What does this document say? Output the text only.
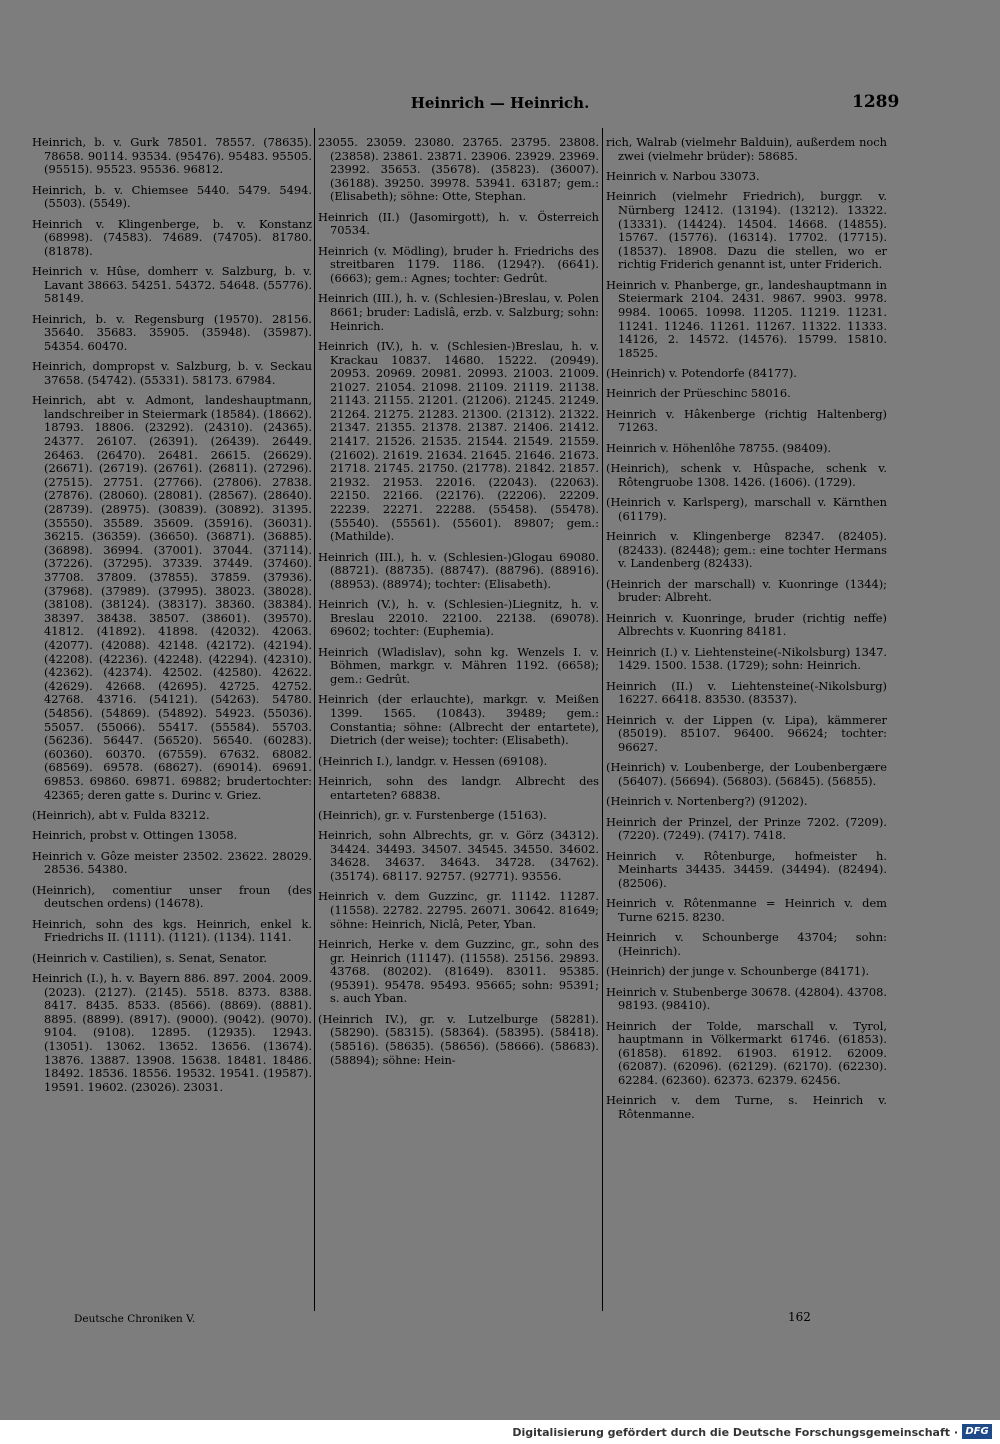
Heinrich — Heinrich.	1289

Heinrich, b. v. Gurk 78501. 78557. (78635). 78658. 90114. 93534. (95476). 95483. 95505. (95515). 95523. 95536. 96812.

Heinrich, b. v. Chiemsee 5440. 5479. 5494. (5503). (5549).

Heinrich v. Klingenberge, b. v. Konstanz (68998). (74583). 74689. (74705). 81780. (81878).

Heinrich v. Hûse, domherr v. Salzburg, b. v. Lavant 38663. 54251. 54372. 54648. (55776). 58149.

Heinrich, b. v. Regensburg (19570). 28156. 35640. 35683. 35905. (35948). (35987). 54354. 60470.

Heinrich, dompropst v. Salzburg, b. v. Seckau 37658. (54742). (55331). 58173. 67984.

Heinrich, abt v. Admont, landeshauptmann, landschreiber in Steiermark (18584). (18662). 18793. 18806. (23292). (24310). (24365). 24377. 26107. (26391). (26439). 26449. 26463. (26470). 26481. 26615. (26629). (26671). (26719). (26761). (26811). (27296). (27515). 27751. (27766). (27806). 27838. (27876). (28060). (28081). (28567). (28640). (28739). (28975). (30839). (30892). 31395. (35550). 35589. 35609. (35916). (36031). 36215. (36359). (36650). (36871). (36885). (36898). 36994. (37001). 37044. (37114). (37226). (37295). 37339. 37449. (37460). 37708. 37809. (37855). 37859. (37936). (37968). (37989). (37995). 38023. (38028). (38108). (38124). (38317). 38360. (38384). 38397. 38438. 38507. (38601). (39570). 41812. (41892). 41898. (42032). 42063. (42077). (42088). 42148. (42172). (42194). (42208). (42236). (42248). (42294). (42310). (42362). (42374). 42502. (42580). 42622. (42629). 42668. (42695). 42725. 42752. 42768. 43716. (54121). (54263). 54780. (54856). (54869). (54892). 54923. (55036). 55057. (55066). 55417. (55584). 55703. (56236). 56447. (56520). 56540. (60283). (60360). 60370. (67559). 67632. 68082. (68569). 69578. (68627). (69014). 69691. 69853. 69860. 69871. 69882; brudertochter: 42365; deren gatte s. Durinc v. Griez.

(Heinrich), abt v. Fulda 83212.

Heinrich, probst v. Ottingen 13058.

Heinrich v. Gôze meister 23502. 23622. 28029. 28536. 54380.

(Heinrich), comentiur unser froun (des deutschen ordens) (14678).

Heinrich, sohn des kgs. Heinrich, enkel k. Friedrichs II. (1111). (1121). (1134). 1141.

(Heinrich v. Castilien), s. Senat, Senator.

Heinrich (I.), h. v. Bayern 886. 897. 2004. 2009. (2023). (2127). (2145). 5518. 8373. 8388. 8417. 8435. 8533. (8566). (8869). (8881). 8895. (8899). (8917). (9000). (9042). (9070). 9104. (9108). 12895. (12935). 12943. (13051). 13062. 13652. 13656. (13674). 13876. 13887. 13908. 15638. 18481. 18486. 18492. 18536. 18556. 19532. 19541. (19587). 19591. 19602. (23026). 23031.

23055. 23059. 23080. 23765. 23795. 23808. (23858). 23861. 23871. 23906. 23929. 23969. 23992. 35653. (35678). (35823). (36007). (36188). 39250. 39978. 53941. 63187; gem.: (Elisabeth); söhne: Otte, Stephan.

Heinrich (II.) (Jasomirgott), h. v. Österreich 70534.

Heinrich (v. Mödling), bruder h. Friedrichs des streitbaren 1179. 1186. (1294?). (6641). (6663); gem.: Agnes; tochter: Gedrût.

Heinrich (III.), h. v. (Schlesien-)Breslau, v. Polen 8661; bruder: Ladislâ, erzb. v. Salzburg; sohn: Heinrich.

Heinrich (IV.), h. v. (Schlesien-)Breslau, h. v. Krackau 10837. 14680. 15222. (20949). 20953. 20969. 20981. 20993. 21003. 21009. 21027. 21054. 21098. 21109. 21119. 21138. 21143. 21155. 21201. (21206). 21245. 21249. 21264. 21275. 21283. 21300. (21312). 21322. 21347. 21355. 21378. 21387. 21406. 21412. 21417. 21526. 21535. 21544. 21549. 21559. (21602). 21619. 21634. 21645. 21646. 21673. 21718. 21745. 21750. (21778). 21842. 21857. 21932. 21953. 22016. (22043). (22063). 22150. 22166. (22176). (22206). 22209. 22239. 22271. 22288. (55458). (55478). (55540). (55561). (55601). 89807; gem.: (Mathilde).

Heinrich (III.), h. v. (Schlesien-)Glogau 69080. (88721). (88735). (88747). (88796). (88916). (88953). (88974); tochter: (Elisabeth).

Heinrich (V.), h. v. (Schlesien-)Liegnitz, h. v. Breslau 22010. 22100. 22138. (69078). 69602; tochter: (Euphemia).

Heinrich (Wladislav), sohn kg. Wenzels I. v. Böhmen, markgr. v. Mähren 1192. (6658); gem.: Gedrût.

Heinrich (der erlauchte), markgr. v. Meißen 1399. 1565. (10843). 39489; gem.: Constantia; söhne: (Albrecht der entartete), Dietrich (der weise); tochter: (Elisabeth).

(Heinrich I.), landgr. v. Hessen (69108).

Heinrich, sohn des landgr. Albrecht des entarteten? 68838.

(Heinrich), gr. v. Furstenberge (15163).

Heinrich, sohn Albrechts, gr. v. Görz (34312). 34424. 34493. 34507. 34545. 34550. 34602. 34628. 34637. 34643. 34728. (34762). (35174). 68117. 92757. (92771). 93556.

Heinrich v. dem Guzzinc, gr. 11142. 11287. (11558). 22782. 22795. 26071. 30642. 81649; söhne: Heinrich, Niclâ, Peter, Yban.

Heinrich, Herke v. dem Guzzinc, gr., sohn des gr. Heinrich (11147). (11558). 25156. 29893. 43768. (80202). (81649). 83011. 95385. (95391). 95478. 95493. 95665; sohn: 95391; s. auch Yban.

(Heinrich IV.), gr. v. Lutzelburge (58281). (58290). (58315). (58364). (58395). (58418). (58516). (58635). (58656). (58666). (58683). (58894); söhne: Hein-

rich, Walrab (vielmehr Balduin), außerdem noch zwei (vielmehr brüder): 58685.

Heinrich v. Narbou 33073.

Heinrich (vielmehr Friedrich), burggr. v. Nürnberg 12412. (13194). (13212). 13322. (13331). (14424). 14504. 14668. (14855). 15767. (15776). (16314). 17702. (17715). (18537). 18908. Dazu die stellen, wo er richtig Friderich genannt ist, unter Friderich.

Heinrich v. Phanberge, gr., landeshauptmann in Steiermark 2104. 2431. 9867. 9903. 9978. 9984. 10065. 10998. 11205. 11219. 11231. 11241. 11246. 11261. 11267. 11322. 11333. 14126, 2. 14572. (14576). 15799. 15810. 18525.

(Heinrich) v. Potendorfe (84177).

Heinrich der Prüeschinc 58016.

Heinrich v. Hâkenberge (richtig Haltenberg) 71263.

Heinrich v. Höhenlôhe 78755. (98409).

(Heinrich), schenk v. Hûspache, schenk v. Rôtengruobe 1308. 1426. (1606). (1729).

(Heinrich v. Karlsperg), marschall v. Kärnthen (61179).

Heinrich v. Klingenberge 82347. (82405). (82433). (82448); gem.: eine tochter Hermans v. Landenberg (82433).

(Heinrich der marschall) v. Kuonringe (1344); bruder: Albreht.

Heinrich v. Kuonringe, bruder (richtig neffe) Albrechts v. Kuonring 84181.

Heinrich (I.) v. Liehtensteine(-Nikolsburg) 1347. 1429. 1500. 1538. (1729); sohn: Heinrich.

Heinrich (II.) v. Liehtensteine(-Nikolsburg) 16227. 66418. 83530. (83537).

Heinrich v. der Lippen (v. Lipa), kämmerer (85019). 85107. 96400. 96624; tochter: 96627.

(Heinrich) v. Loubenberge, der Loubenbergære (56407). (56694). (56803). (56845). (56855).

(Heinrich v. Nortenberg?) (91202).

Heinrich der Prinzel, der Prinze 7202. (7209). (7220). (7249). (7417). 7418.

Heinrich v. Rôtenburge, hofmeister h. Meinharts 34435. 34459. (34494). (82494). (82506).

Heinrich v. Rôtenmanne = Heinrich v. dem Turne 6215. 8230.

Heinrich v. Schounberge 43704; sohn: (Heinrich).

(Heinrich) der junge v. Schounberge (84171).

Heinrich v. Stubenberge 30678. (42804). 43708. 98193. (98410).

Heinrich der Tolde, marschall v. Tyrol, hauptmann in Völkermarkt 61746. (61853). (61858). 61892. 61903. 61912. 62009. (62087). (62096). (62129). (62170). (62230). 62284. (62360). 62373. 62379. 62456.

Heinrich v. dem Turne, s. Heinrich v. Rôtenmanne.

Deutsche Chroniken V.	162
Digitalisierung gefördert durch die Deutsche Forschungsgemeinschaft · DFG
